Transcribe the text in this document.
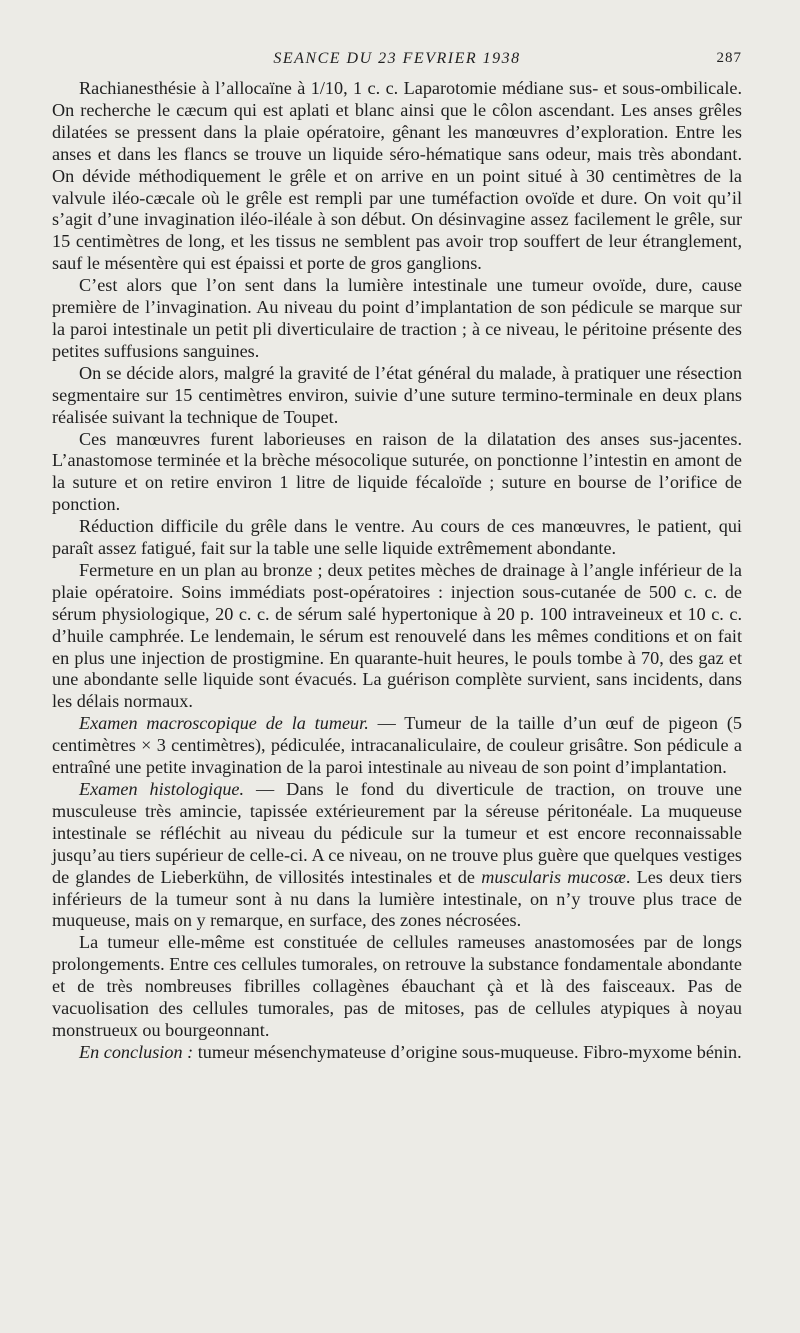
SEANCE DU 23 FEVRIER 1938	287

Rachianesthésie à l’allocaïne à 1/10, 1 c. c. Laparotomie médiane sus- et sous-ombilicale. On recherche le cæcum qui est aplati et blanc ainsi que le côlon ascendant. Les anses grêles dilatées se pressent dans la plaie opératoire, gênant les manœuvres d’exploration. Entre les anses et dans les flancs se trouve un liquide séro-hématique sans odeur, mais très abondant. On dévide méthodiquement le grêle et on arrive en un point situé à 30 centimètres de la valvule iléo-cæcale où le grêle est rempli par une tuméfaction ovoïde et dure. On voit qu’il s’agit d’une invagination iléo-iléale à son début. On désinvagine assez facilement le grêle, sur 15 centimètres de long, et les tissus ne semblent pas avoir trop souffert de leur étranglement, sauf le mésentère qui est épaissi et porte de gros ganglions.

C’est alors que l’on sent dans la lumière intestinale une tumeur ovoïde, dure, cause première de l’invagination. Au niveau du point d’implantation de son pédicule se marque sur la paroi intestinale un petit pli diverticulaire de traction ; à ce niveau, le péritoine présente des petites suffusions sanguines.

On se décide alors, malgré la gravité de l’état général du malade, à pratiquer une résection segmentaire sur 15 centimètres environ, suivie d’une suture termino-terminale en deux plans réalisée suivant la technique de Toupet.

Ces manœuvres furent laborieuses en raison de la dilatation des anses sus-jacentes. L’anastomose terminée et la brèche mésocolique suturée, on ponctionne l’intestin en amont de la suture et on retire environ 1 litre de liquide fécaloïde ; suture en bourse de l’orifice de ponction.

Réduction difficile du grêle dans le ventre. Au cours de ces manœuvres, le patient, qui paraît assez fatigué, fait sur la table une selle liquide extrêmement abondante.

Fermeture en un plan au bronze ; deux petites mèches de drainage à l’angle inférieur de la plaie opératoire. Soins immédiats post-opératoires : injection sous-cutanée de 500 c. c. de sérum physiologique, 20 c. c. de sérum salé hypertonique à 20 p. 100 intraveineux et 10 c. c. d’huile camphrée. Le lendemain, le sérum est renouvelé dans les mêmes conditions et on fait en plus une injection de prostigmine. En quarante-huit heures, le pouls tombe à 70, des gaz et une abondante selle liquide sont évacués. La guérison complète survient, sans incidents, dans les délais normaux.

Examen macroscopique de la tumeur. — Tumeur de la taille d’un œuf de pigeon (5 centimètres × 3 centimètres), pédiculée, intracanaliculaire, de couleur grisâtre. Son pédicule a entraîné une petite invagination de la paroi intestinale au niveau de son point d’implantation.

Examen histologique. — Dans le fond du diverticule de traction, on trouve une musculeuse très amincie, tapissée extérieurement par la séreuse péritonéale. La muqueuse intestinale se réfléchit au niveau du pédicule sur la tumeur et est encore reconnaissable jusqu’au tiers supérieur de celle-ci. A ce niveau, on ne trouve plus guère que quelques vestiges de glandes de Lieberkühn, de villosités intestinales et de muscularis mucosæ. Les deux tiers inférieurs de la tumeur sont à nu dans la lumière intestinale, on n’y trouve plus trace de muqueuse, mais on y remarque, en surface, des zones nécrosées.

La tumeur elle-même est constituée de cellules rameuses anastomosées par de longs prolongements. Entre ces cellules tumorales, on retrouve la substance fondamentale abondante et de très nombreuses fibrilles collagènes ébauchant çà et là des faisceaux. Pas de vacuolisation des cellules tumorales, pas de mitoses, pas de cellules atypiques à noyau monstrueux ou bourgeonnant.

En conclusion : tumeur mésenchymateuse d’origine sous-muqueuse. Fibro-myxome bénin.
